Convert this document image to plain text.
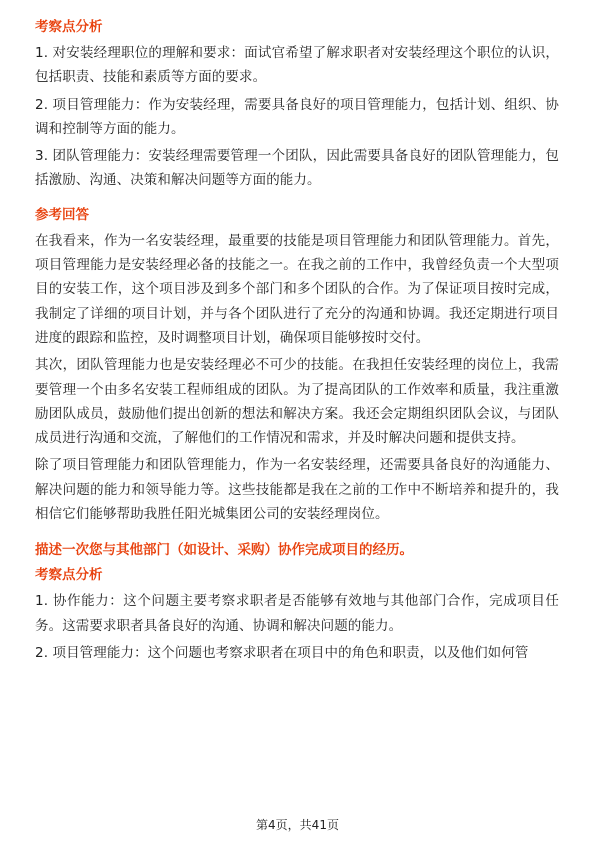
考察点分析
1. 对安装经理职位的理解和要求：面试官希望了解求职者对安装经理这个职位的认识，包括职责、技能和素质等方面的要求。
2. 项目管理能力：作为安装经理，需要具备良好的项目管理能力，包括计划、组织、协调和控制等方面的能力。
3. 团队管理能力：安装经理需要管理一个团队，因此需要具备良好的团队管理能力，包括激励、沟通、决策和解决问题等方面的能力。
参考回答
在我看来，作为一名安装经理，最重要的技能是项目管理能力和团队管理能力。首先，项目管理能力是安装经理必备的技能之一。在我之前的工作中，我曾经负责一个大型项目的安装工作，这个项目涉及到多个部门和多个团队的合作。为了保证项目按时完成，我制定了详细的项目计划，并与各个团队进行了充分的沟通和协调。我还定期进行项目进度的跟踪和监控，及时调整项目计划，确保项目能够按时交付。
其次，团队管理能力也是安装经理必不可少的技能。在我担任安装经理的岗位上，我需要管理一个由多名安装工程师组成的团队。为了提高团队的工作效率和质量，我注重激励团队成员，鼓励他们提出创新的想法和解决方案。我还会定期组织团队会议，与团队成员进行沟通和交流，了解他们的工作情况和需求，并及时解决问题和提供支持。
除了项目管理能力和团队管理能力，作为一名安装经理，还需要具备良好的沟通能力、解决问题的能力和领导能力等。这些技能都是我在之前的工作中不断培养和提升的，我相信它们能够帮助我胜任阳光城集团公司的安装经理岗位。
描述一次您与其他部门（如设计、采购）协作完成项目的经历。
考察点分析
1. 协作能力：这个问题主要考察求职者是否能够有效地与其他部门合作，完成项目任务。这需要求职者具备良好的沟通、协调和解决问题的能力。
2. 项目管理能力：这个问题也考察求职者在项目中的角色和职责，以及他们如何管
第4页，共41页
